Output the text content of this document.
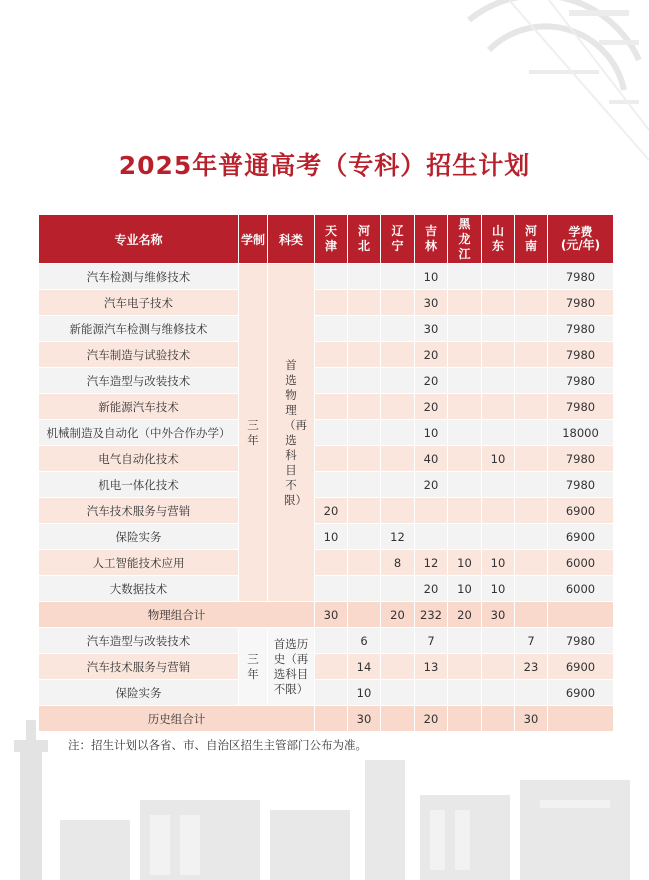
2025年普通高考（专科）招生计划
专业名称	学制	科类	天津	河北	辽宁	吉林	黑龙江	山东	河南	学费
(元/年)
汽车检测与维修技术	三年	首选物理（再选科目不限）				10				7980
汽车电子技术						30				7980
新能源汽车检测与维修技术						30				7980
汽车制造与试验技术						20				7980
汽车造型与改装技术						20				7980
新能源汽车技术						20				7980
机械制造及自动化（中外合作办学）						10				18000
电气自动化技术						40		10		7980
机电一体化技术						20				7980
汽车技术服务与营销			20							6900
保险实务			10		12					6900
人工智能技术应用					8	12	10	10		6000
大数据技术						20	10	10		6000
物理组合计			30		20	232	20	30		
汽车造型与改装技术	三年	首选历史（再选科目不限）		6		7			7	7980
汽车技术服务与营销				14		13			23	6900
保险实务				10						6900
历史组合计				30		20			30	
注：招生计划以各省、市、自治区招生主管部门公布为准。
